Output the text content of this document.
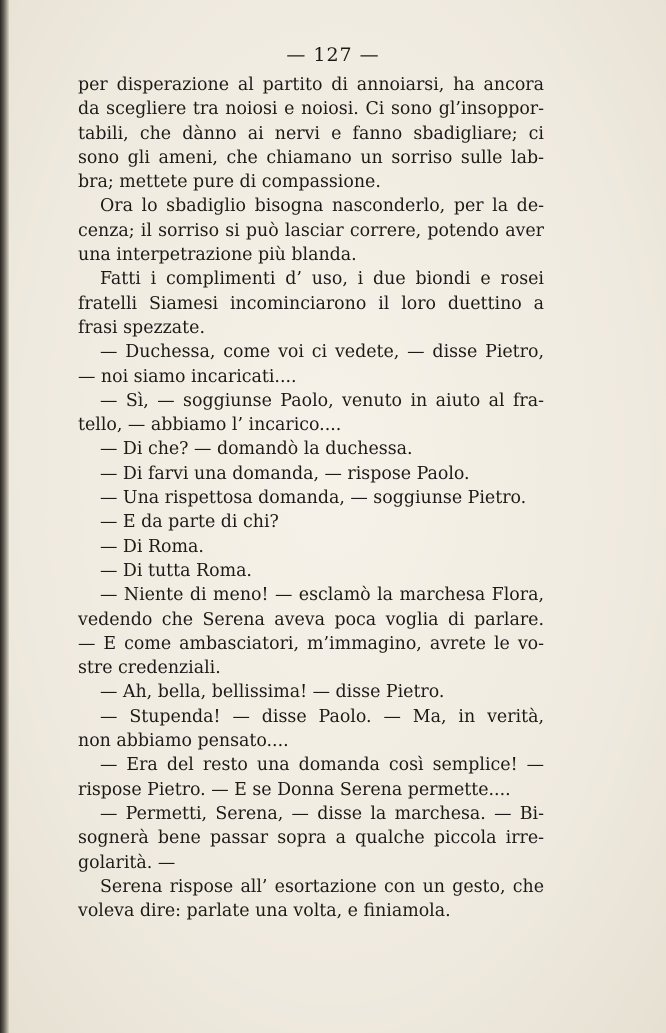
— 127 —
per disperazione al partito di annoiarsi, ha ancora
da scegliere tra noiosi e noiosi. Ci sono gl’insoppor-
tabili, che dànno ai nervi e fanno sbadigliare; ci
sono gli ameni, che chiamano un sorriso sulle lab-
bra; mettete pure di compassione.
Ora lo sbadiglio bisogna nasconderlo, per la de-
cenza; il sorriso si può lasciar correre, potendo aver
una interpetrazione più blanda.
Fatti i complimenti d’ uso, i due biondi e rosei
fratelli Siamesi incominciarono il loro duettino a
frasi spezzate.
— Duchessa, come voi ci vedete, — disse Pietro,
— noi siamo incaricati....
— Sì, — soggiunse Paolo, venuto in aiuto al fra-
tello, — abbiamo l’ incarico....
— Di che? — domandò la duchessa.
— Di farvi una domanda, — rispose Paolo.
— Una rispettosa domanda, — soggiunse Pietro.
— E da parte di chi?
— Di Roma.
— Di tutta Roma.
— Niente di meno! — esclamò la marchesa Flora,
vedendo che Serena aveva poca voglia di parlare.
— E come ambasciatori, m’immagino, avrete le vo-
stre credenziali.
— Ah, bella, bellissima! — disse Pietro.
— Stupenda! — disse Paolo. — Ma, in verità,
non abbiamo pensato....
— Era del resto una domanda così semplice! —
rispose Pietro. — E se Donna Serena permette....
— Permetti, Serena, — disse la marchesa. — Bi-
sognerà bene passar sopra a qualche piccola irre-
golarità. —
Serena rispose all’ esortazione con un gesto, che
voleva dire: parlate una volta, e finiamola.
